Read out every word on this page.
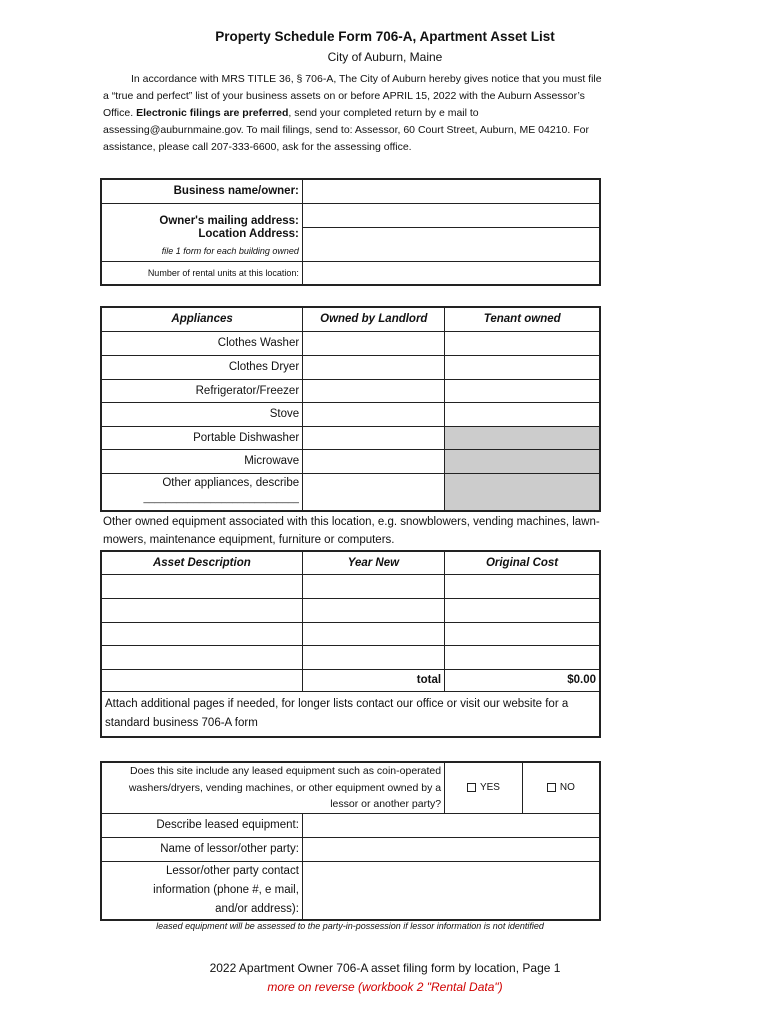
Property Schedule Form 706-A, Apartment Asset List
City of Auburn, Maine
In accordance with MRS TITLE 36, § 706-A, The City of Auburn hereby gives notice that you must file a “true and perfect” list of your business assets on or before APRIL 15, 2022 with the Auburn Assessor’s Office. Electronic filings are preferred, send your completed return by e mail to assessing@auburnmaine.gov. To mail filings, send to: Assessor, 60 Court Street, Auburn, ME 04210. For assistance, please call 207-333-6600, ask for the assessing office.
Business name/owner:	
Owner's mailing address:	

Location Address:
file 1 form for each building owned	

Number of rental units at this location:	
Appliances	Owned by Landlord	Tenant owned
Clothes Washer		
Clothes Dryer		
Refrigerator/Freezer		
Stove		
Portable Dishwasher		
Microwave		

Other appliances, describe
____________________________		

Other owned equipment associated with this location, e.g. snowblowers, vending machines, lawn-mowers, maintenance equipment, furniture or computers.
Asset Description	Year New	Original Cost

	total	$0.00
Attach additional pages if needed, for longer lists contact our office or visit our website for a standard business 706-A form		
Does this site include any leased equipment such as coin-operated washers/dryers, vending machines, or other equipment owned by a lessor or another party?		YES	NO
Describe leased equipment:			
Name of lessor/other party:			
Lessor/other party contact information (phone #, e mail, and/or address):			
leased equipment will be assessed to the party-in-possession if lessor information is not identified
2022 Apartment Owner 706-A asset filing form by location, Page 1
more on reverse (workbook 2 "Rental Data")
